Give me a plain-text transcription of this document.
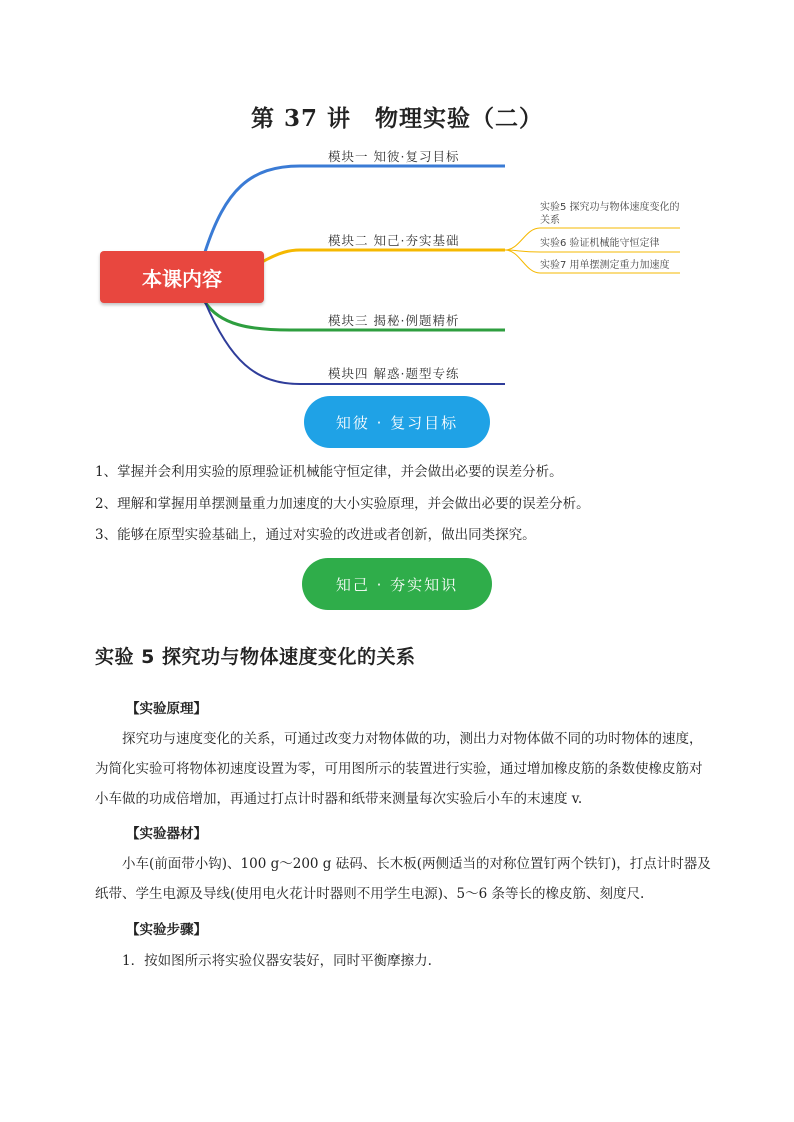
第 37 讲　物理实验（二）
本课内容
模块一 知彼·复习目标
模块二 知己·夯实基础
模块三 揭秘·例题精析
模块四 解惑·题型专练
实验5 探究功与物体速度变化的关系
实验6 验证机械能守恒定律
实验7 用单摆测定重力加速度
知彼 · 复习目标
1、掌握并会利用实验的原理验证机械能守恒定律，并会做出必要的误差分析。
2、理解和掌握用单摆测量重力加速度的大小实验原理，并会做出必要的误差分析。
3、能够在原型实验基础上，通过对实验的改进或者创新，做出同类探究。
知己 · 夯实知识
实验 5 探究功与物体速度变化的关系
【实验原理】
探究功与速度变化的关系，可通过改变力对物体做的功，测出力对物体做不同的功时物体的速度，为简化实验可将物体初速度设置为零，可用图所示的装置进行实验，通过增加橡皮筋的条数使橡皮筋对小车做的功成倍增加，再通过打点计时器和纸带来测量每次实验后小车的末速度 v.
【实验器材】
小车(前面带小钩)、100 g～200 g 砝码、长木板(两侧适当的对称位置钉两个铁钉)，打点计时器及纸带、学生电源及导线(使用电火花计时器则不用学生电源)、5～6 条等长的橡皮筋、刻度尺.
【实验步骤】
1．按如图所示将实验仪器安装好，同时平衡摩擦力.
